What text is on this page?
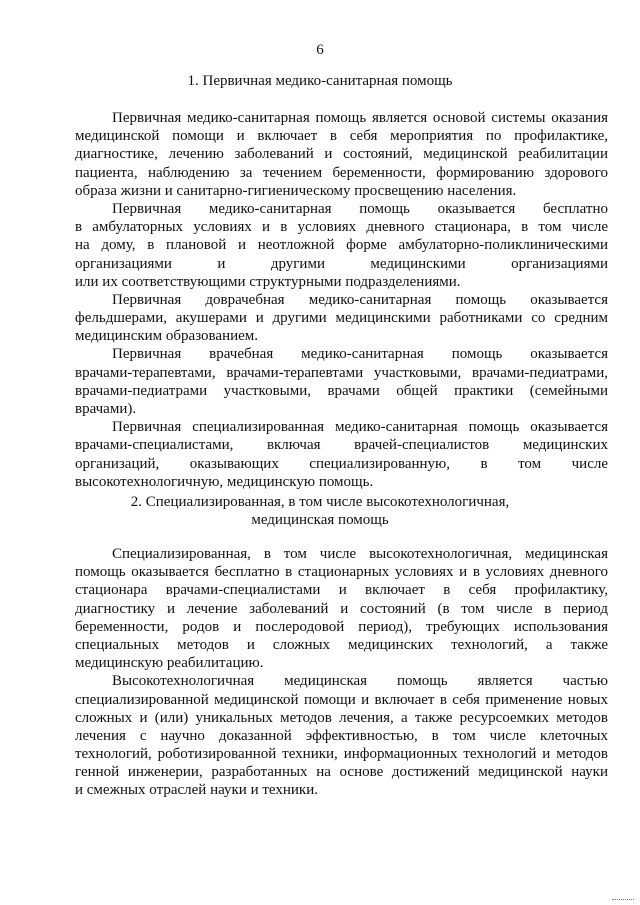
6
1. Первичная медико-санитарная помощь
Первичная медико-санитарная помощь является основой системы оказания
медицинской помощи и включает в себя мероприятия по профилактике,
диагностике, лечению заболеваний и состояний, медицинской реабилитации
пациента, наблюдению за течением беременности, формированию здорового
образа жизни и санитарно-гигиеническому просвещению населения.
Первичная медико-санитарная помощь оказывается бесплатно
в амбулаторных условиях и в условиях дневного стационара, в том числе
на дому, в плановой и неотложной форме амбулаторно-поликлиническими
организациями и другими медицинскими организациями
или их соответствующими структурными подразделениями.
Первичная доврачебная медико-санитарная помощь оказывается
фельдшерами, акушерами и другими медицинскими работниками со средним
медицинским образованием.
Первичная врачебная медико-санитарная помощь оказывается
врачами-терапевтами, врачами-терапевтами участковыми, врачами-педиатрами,
врачами-педиатрами участковыми, врачами общей практики (семейными
врачами).
Первичная специализированная медико-санитарная помощь оказывается
врачами-специалистами, включая врачей-специалистов медицинских
организаций, оказывающих специализированную, в том числе
высокотехнологичную, медицинскую помощь.
2. Специализированная, в том числе высокотехнологичная,
медицинская помощь
Специализированная, в том числе высокотехнологичная, медицинская
помощь оказывается бесплатно в стационарных условиях и в условиях дневного
стационара врачами-специалистами и включает в себя профилактику,
диагностику и лечение заболеваний и состояний (в том числе в период
беременности, родов и послеродовой период), требующих использования
специальных методов и сложных медицинских технологий, а также
медицинскую реабилитацию.
Высокотехнологичная медицинская помощь является частью
специализированной медицинской помощи и включает в себя применение новых
сложных и (или) уникальных методов лечения, а также ресурсоемких методов
лечения с научно доказанной эффективностью, в том числе клеточных
технологий, роботизированной техники, информационных технологий и методов
генной инженерии, разработанных на основе достижений медицинской науки
и смежных отраслей науки и техники.
